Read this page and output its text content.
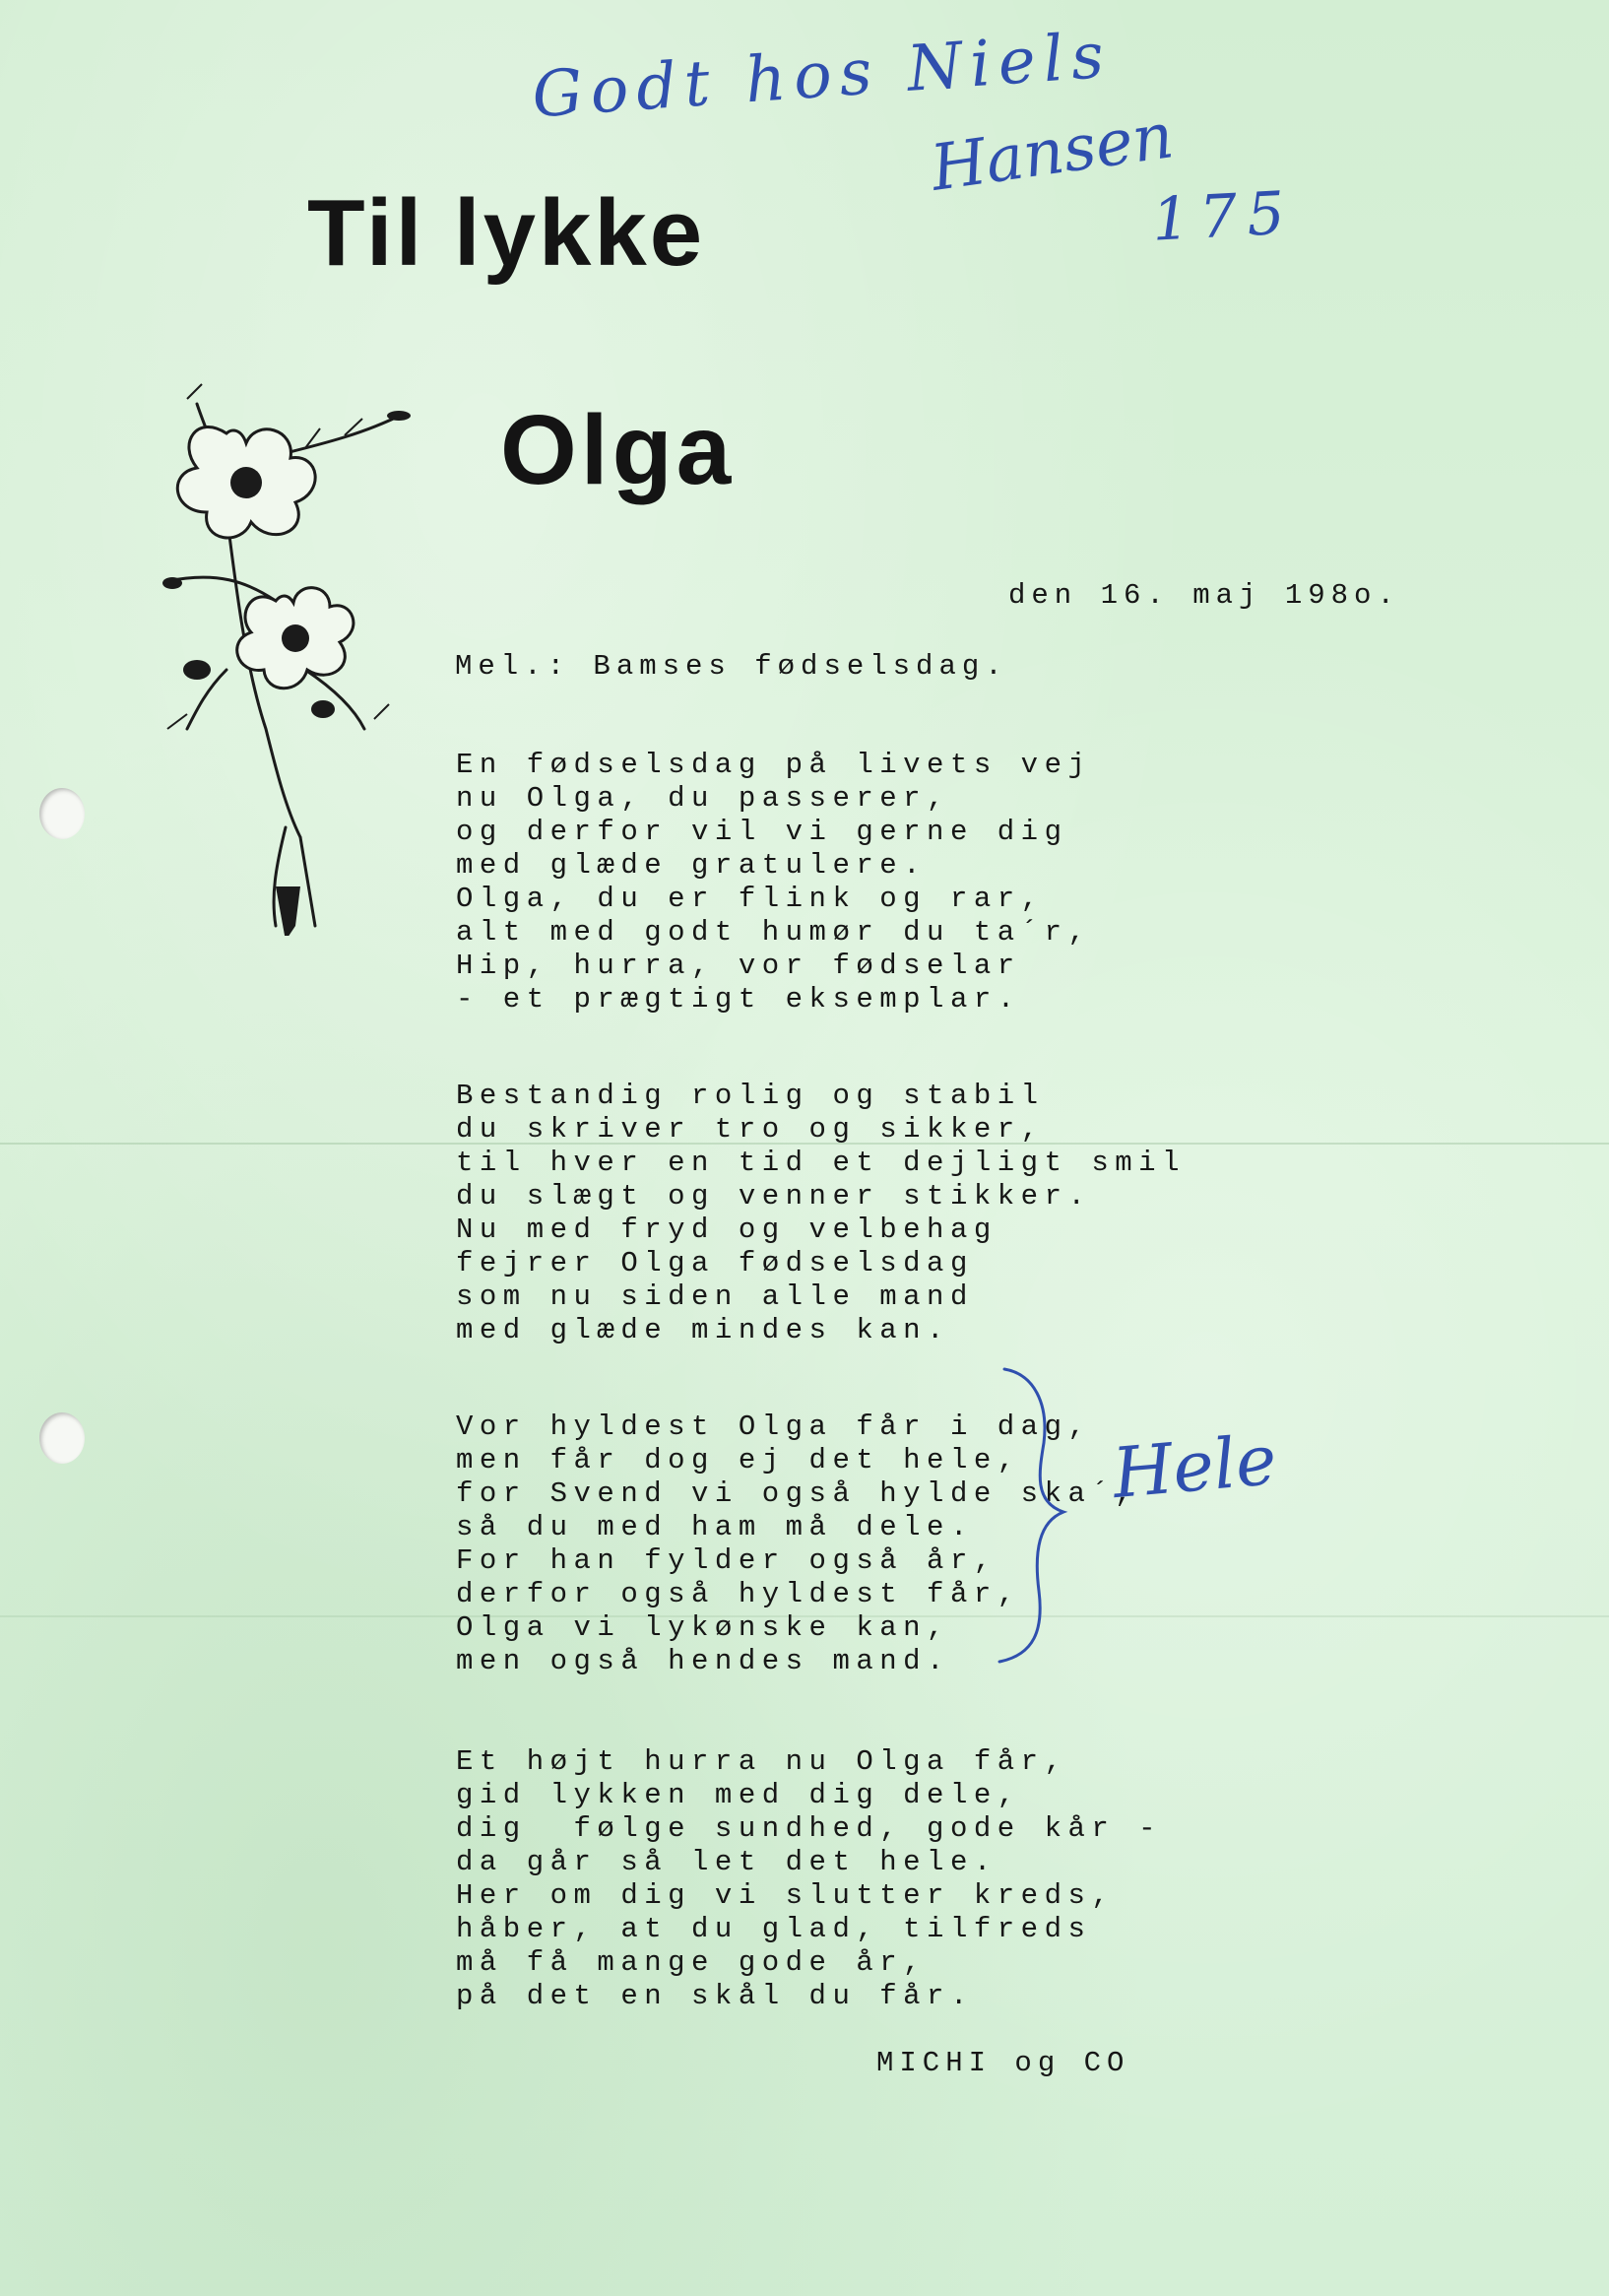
Godt hos Niels
Hansen
175
Til lykke
Olga

den 16. maj 198o.

Mel.: Bamses fødselsdag.

En fødselsdag på livets vej
nu Olga, du passerer,
og derfor vil vi gerne dig
med glæde gratulere.
Olga, du er flink og rar,
alt med godt humør du ta´r,
Hip, hurra, vor fødselar
- et prægtigt eksemplar.
Bestandig rolig og stabil
du skriver tro og sikker,
til hver en tid et dejligt smil
du slægt og venner stikker.
Nu med fryd og velbehag
fejrer Olga fødselsdag
som nu siden alle mand
med glæde mindes kan.
Vor hyldest Olga får i dag,
men får dog ej det hele,
for Svend vi også hylde ska´,
så du med ham må dele.
For han fylder også år,
derfor også hyldest får,
Olga vi lykønske kan,
men også hendes mand.
Hele
Et højt hurra nu Olga får,
gid lykken med dig dele,
dig  følge sundhed, gode kår -
da går så let det hele.
Her om dig vi slutter kreds,
håber, at du glad, tilfreds
må få mange gode år,
på det en skål du får.

MICHI og CO
